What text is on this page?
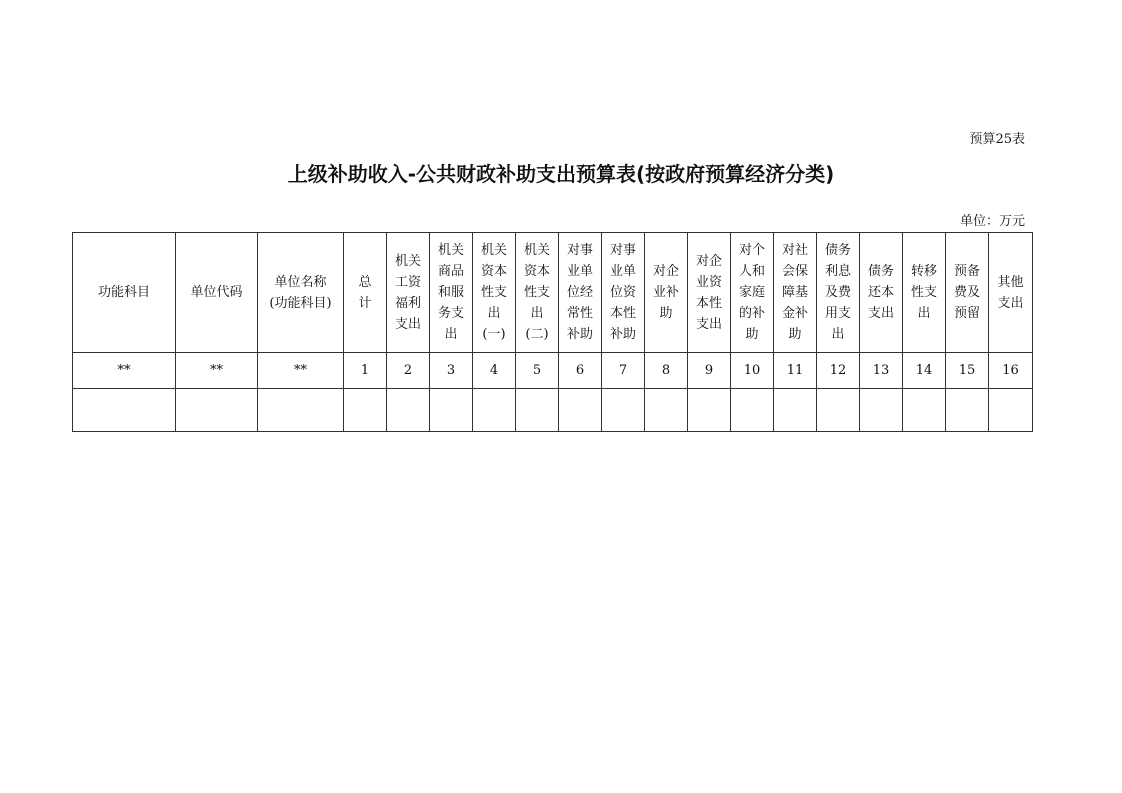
预算25表
上级补助收入-公共财政补助支出预算表(按政府预算经济分类)
单位：万元
功能科目	单位代码	单位名称
(功能科目)	总
计	机关
工资
福利
支出	机关
商品
和服
务支
出	机关
资本
性支
出
(一)	机关
资本
性支
出
(二)	对事
业单
位经
常性
补助	对事
业单
位资
本性
补助	对企
业补
助	对企
业资
本性
支出	对个
人和
家庭
的补
助	对社
会保
障基
金补
助	债务
利息
及费
用支
出	债务
还本
支出	转移
性支
出	预备
费及
预留	其他
支出
**	**	**	1	2	3	4	5	6	7	8	9	10	11	12	13	14	15	16
